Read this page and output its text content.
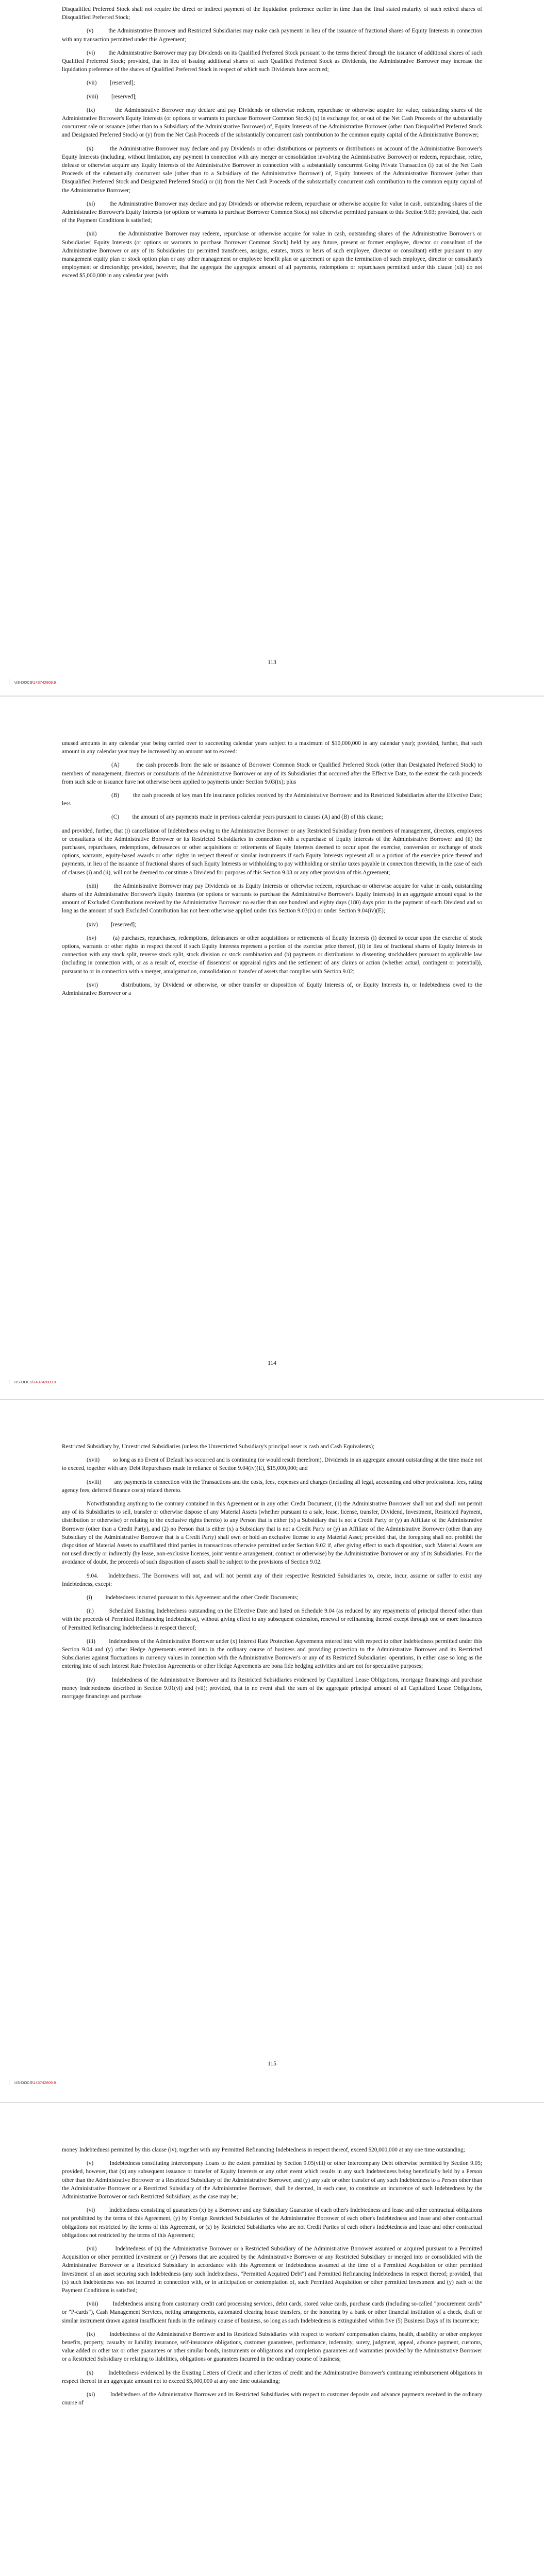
Disqualified Preferred Stock shall not require the direct or indirect payment of the liquidation preference earlier in time than the final stated maturity of such retired shares of Disqualified Preferred Stock;

(v)         the Administrative Borrower and Restricted Subsidiaries may make cash payments in lieu of the issuance of fractional shares of Equity Interests in connection with any transaction permitted under this Agreement;

(vi)         the Administrative Borrower may pay Dividends on its Qualified Preferred Stock pursuant to the terms thereof through the issuance of additional shares of such Qualified Preferred Stock; provided, that in lieu of issuing additional shares of such Qualified Preferred Stock as Dividends, the Administrative Borrower may increase the liquidation preference of the shares of Qualified Preferred Stock in respect of which such Dividends have accrued;

(vii)         [reserved];

(viii)         [reserved];

(ix)         the Administrative Borrower may declare and pay Dividends or otherwise redeem, repurchase or otherwise acquire for value, outstanding shares of the Administrative Borrower's Equity Interests (or options or warrants to purchase Borrower Common Stock) (x) in exchange for, or out of the Net Cash Proceeds of the substantially concurrent sale or issuance (other than to a Subsidiary of the Administrative Borrower) of, Equity Interests of the Administrative Borrower (other than Disqualified Preferred Stock and Designated Preferred Stock) or (y) from the Net Cash Proceeds of the substantially concurrent cash contribution to the common equity capital of the Administrative Borrower;

(x)         the Administrative Borrower may declare and pay Dividends or other distributions or payments or distributions on account of the Administrative Borrower's Equity Interests (including, without limitation, any payment in connection with any merger or consolidation involving the Administrative Borrower) or redeem, repurchase, retire, defease or otherwise acquire any Equity Interests of the Administrative Borrower in connection with a substantially concurrent Going Private Transaction (i) out of the Net Cash Proceeds of the substantially concurrent sale (other than to a Subsidiary of the Administrative Borrower) of, Equity Interests of the Administrative Borrower (other than Disqualified Preferred Stock and Designated Preferred Stock) or (ii) from the Net Cash Proceeds of the substantially concurrent cash contribution to the common equity capital of the Administrative Borrower;

(xi)         the Administrative Borrower may declare and pay Dividends or otherwise redeem, repurchase or otherwise acquire for value in cash, outstanding shares of the Administrative Borrower's Equity Interests (or options or warrants to purchase Borrower Common Stock) not otherwise permitted pursuant to this Section 9.03; provided, that each of the Payment Conditions is satisfied;

(xii)         the Administrative Borrower may redeem, repurchase or otherwise acquire for value in cash, outstanding shares of the Administrative Borrower's or Subsidiaries' Equity Interests (or options or warrants to purchase Borrower Common Stock) held by any future, present or former employee, director or consultant of the Administrative Borrower or any of its Subsidiaries (or permitted transferees, assigns, estates, trusts or heirs of such employee, director or consultant) either pursuant to any management equity plan or stock option plan or any other management or employee benefit plan or agreement or upon the termination of such employee, director or consultant's employment or directorship; provided, however, that the aggregate the aggregate amount of all payments, redemptions or repurchases permitted under this clause (xii) do not exceed $5,000,000 in any calendar year (with

113
US-DOCS\143742809.9

unused amounts in any calendar year being carried over to succeeding calendar years subject to a maximum of $10,000,000 in any calendar year); provided, further, that such amount in any calendar year may be increased by an amount not to exceed:

(A)         the cash proceeds from the sale or issuance of Borrower Common Stock or Qualified Preferred Stock (other than Designated Preferred Stock) to members of management, directors or consultants of the Administrative Borrower or any of its Subsidiaries that occurred after the Effective Date, to the extent the cash proceeds from such sale or issuance have not otherwise been applied to payments under Section 9.03(ix); plus

(B)         the cash proceeds of key man life insurance policies received by the Administrative Borrower and its Restricted Subsidiaries after the Effective Date; less

(C)         the amount of any payments made in previous calendar years pursuant to clauses (A) and (B) of this clause;

and provided, further, that (i) cancellation of Indebtedness owing to the Administrative Borrower or any Restricted Subsidiary from members of management, directors, employees or consultants of the Administrative Borrower or its Restricted Subsidiaries in connection with a repurchase of Equity Interests of the Administrative Borrower and (ii) the purchases, repurchases, redemptions, defeasances or other acquisitions or retirements of Equity Interests deemed to occur upon the exercise, conversion or exchange of stock options, warrants, equity-based awards or other rights in respect thereof or similar instruments if such Equity Interests represent all or a portion of the exercise price thereof and payments, in lieu of the issuance of fractional shares of such Equity Interests or withholding to pay withholding or similar taxes payable in connection therewith, in the case of each of clauses (i) and (ii), will not be deemed to constitute a Dividend for purposes of this Section 9.03 or any other provision of this Agreement;

(xiii)         the Administrative Borrower may pay Dividends on its Equity Interests or otherwise redeem, repurchase or otherwise acquire for value in cash, outstanding shares of the Administrative Borrower's Equity Interests (or options or warrants to purchase the Administrative Borrower's Equity Interests) in an aggregate amount equal to the amount of Excluded Contributions received by the Administrative Borrower no earlier than one hundred and eighty days (180) days prior to the payment of such Dividend and so long as the amount of such Excluded Contribution has not been otherwise applied under this Section 9.03(ix) or under Section 9.04(iv)(E);

(xiv)         [reserved];

(xv)         (a) purchases, repurchases, redemptions, defeasances or other acquisitions or retirements of Equity Interests (i) deemed to occur upon the exercise of stock options, warrants or other rights in respect thereof if such Equity Interests represent a portion of the exercise price thereof, (ii) in lieu of fractional shares of Equity Interests in connection with any stock split, reverse stock split, stock division or stock combination and (b) payments or distributions to dissenting stockholders pursuant to applicable law (including in connection with, or as a result of, exercise of dissenters' or appraisal rights and the settlement of any claims or action (whether actual, contingent or potential)), pursuant to or in connection with a merger, amalgamation, consolidation or transfer of assets that complies with Section 9.02;

(xvi)         distributions, by Dividend or otherwise, or other transfer or disposition of Equity Interests of, or Equity Interests in, or Indebtedness owed to the Administrative Borrower or a

114
US-DOCS\143742809.9

Restricted Subsidiary by, Unrestricted Subsidiaries (unless the Unrestricted Subsidiary's principal asset is cash and Cash Equivalents);

(xvii)         so long as no Event of Default has occurred and is continuing (or would result therefrom), Dividends in an aggregate amount outstanding at the time made not to exceed, together with any Debt Repurchases made in reliance of Section 9.04(iv)(E), $15,000,000; and

(xviii)         any payments in connection with the Transactions and the costs, fees, expenses and charges (including all legal, accounting and other professional fees, rating agency fees, deferred finance costs) related thereto.

Notwithstanding anything to the contrary contained in this Agreement or in any other Credit Document, (1) the Administrative Borrower shall not and shall not permit any of its Subsidiaries to sell, transfer or otherwise dispose of any Material Assets (whether pursuant to a sale, lease, license, transfer, Dividend, Investment, Restricted Payment, distribution or otherwise) or relating to the exclusive rights thereto) to any Person that is either (x) a Subsidiary that is not a Credit Party or (y) an Affiliate of the Administrative Borrower (other than a Credit Party), and (2) no Person that is either (x) a Subsidiary that is not a Credit Party or (y) an Affiliate of the Administrative Borrower (other than any Subsidiary of the Administrative Borrower that is a Credit Party) shall own or hold an exclusive license to any Material Asset; provided that, the foregoing shall not prohibit the disposition of Material Assets to unaffiliated third parties in transactions otherwise permitted under Section 9.02 if, after giving effect to such disposition, such Material Assets are not used directly or indirectly (by lease, non-exclusive licenses, joint venture arrangement, contract or otherwise) by the Administrative Borrower or any of its Subsidiaries. For the avoidance of doubt, the proceeds of such disposition of assets shall be subject to the provisions of Section 9.02.

9.04.    Indebtedness. The Borrowers will not, and will not permit any of their respective Restricted Subsidiaries to, create, incur, assume or suffer to exist any Indebtedness, except:

(i)         Indebtedness incurred pursuant to this Agreement and the other Credit Documents;

(ii)         Scheduled Existing Indebtedness outstanding on the Effective Date and listed on Schedule 9.04 (as reduced by any repayments of principal thereof other than with the proceeds of Permitted Refinancing Indebtedness), without giving effect to any subsequent extension, renewal or refinancing thereof except through one or more issuances of Permitted Refinancing Indebtedness in respect thereof;

(iii)         Indebtedness of the Administrative Borrower under (x) Interest Rate Protection Agreements entered into with respect to other Indebtedness permitted under this Section 9.04 and (y) other Hedge Agreements entered into in the ordinary course of business and providing protection to the Administrative Borrower and its Restricted Subsidiaries against fluctuations in currency values in connection with the Administrative Borrower's or any of its Restricted Subsidiaries' operations, in either case so long as the entering into of such Interest Rate Protection Agreements or other Hedge Agreements are bona fide hedging activities and are not for speculative purposes;

(iv)         Indebtedness of the Administrative Borrower and its Restricted Subsidiaries evidenced by Capitalized Lease Obligations, mortgage financings and purchase money Indebtedness described in Section 9.01(vi) and (vii); provided, that in no event shall the sum of the aggregate principal amount of all Capitalized Lease Obligations, mortgage financings and purchase

115
US-DOCS\143742809.9

money Indebtedness permitted by this clause (iv), together with any Permitted Refinancing Indebtedness in respect thereof, exceed $20,000,000 at any one time outstanding;

(v)         Indebtedness constituting Intercompany Loans to the extent permitted by Section 9.05(viii) or other Intercompany Debt otherwise permitted by Section 9.05; provided, however, that (x) any subsequent issuance or transfer of Equity Interests or any other event which results in any such Indebtedness being beneficially held by a Person other than the Administrative Borrower or a Restricted Subsidiary of the Administrative Borrower, and (y) any sale or other transfer of any such Indebtedness to a Person other than the Administrative Borrower or a Restricted Subsidiary of the Administrative Borrower, shall be deemed, in each case, to constitute an incurrence of such Indebtedness by the Administrative Borrower or such Restricted Subsidiary, as the case may be;

(vi)         Indebtedness consisting of guarantees (x) by a Borrower and any Subsidiary Guarantor of each other's Indebtedness and lease and other contractual obligations not prohibited by the terms of this Agreement, (y) by Foreign Restricted Subsidiaries of the Administrative Borrower of each other's Indebtedness and lease and other contractual obligations not restricted by the terms of this Agreement, or (z) by Restricted Subsidiaries who are not Credit Parties of each other's Indebtedness and lease and other contractual obligations not restricted by the terms of this Agreement;

(vii)         Indebtedness of (x) the Administrative Borrower or a Restricted Subsidiary of the Administrative Borrower assumed or acquired pursuant to a Permitted Acquisition or other permitted Investment or (y) Persons that are acquired by the Administrative Borrower or any Restricted Subsidiary or merged into or consolidated with the Administrative Borrower or a Restricted Subsidiary in accordance with this Agreement or Indebtedness assumed at the time of a Permitted Acquisition or other permitted Investment of an asset securing such Indebtedness (any such Indebtedness, "Permitted Acquired Debt") and Permitted Refinancing Indebtedness in respect thereof; provided, that (x) such Indebtedness was not incurred in connection with, or in anticipation or contemplation of, such Permitted Acquisition or other permitted Investment and (y) each of the Payment Conditions is satisfied;

(viii)         Indebtedness arising from customary credit card processing services, debit cards, stored value cards, purchase cards (including so-called "procurement cards" or "P-cards"), Cash Management Services, netting arrangements, automated clearing house transfers, or the honoring by a bank or other financial institution of a check, draft or similar instrument drawn against insufficient funds in the ordinary course of business, so long as such Indebtedness is extinguished within five (5) Business Days of its incurrence;

(ix)         Indebtedness of the Administrative Borrower and its Restricted Subsidiaries with respect to workers' compensation claims, health, disability or other employee benefits, property, casualty or liability insurance, self-insurance obligations, customer guarantees, performance, indemnity, surety, judgment, appeal, advance payment, customs, value added or other tax or other guarantees or other similar bonds, instruments or obligations and completion guarantees and warranties provided by the Administrative Borrower or a Restricted Subsidiary or relating to liabilities, obligations or guarantees incurred in the ordinary course of business;

(x)         Indebtedness evidenced by the Existing Letters of Credit and other letters of credit and the Administrative Borrower's continuing reimbursement obligations in respect thereof in an aggregate amount not to exceed $5,000,000 at any one time outstanding;

(xi)         Indebtedness of the Administrative Borrower and its Restricted Subsidiaries with respect to customer deposits and advance payments received in the ordinary course of
